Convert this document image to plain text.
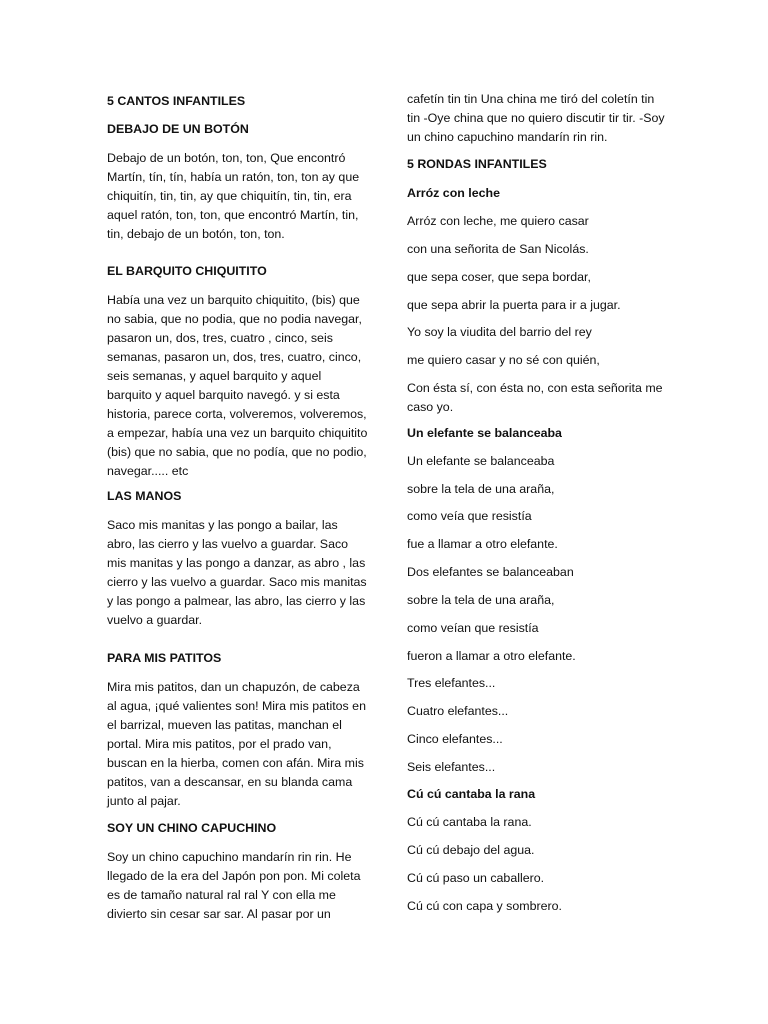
5 CANTOS INFANTILES

DEBAJO DE UN BOTÓN

Debajo de un botón, ton, ton, Que encontró Martín, tín, tín, había un ratón, ton, ton ay que chiquitín, tin, tin, ay que chiquitín, tin, tin, era aquel ratón, ton, ton, que encontró Martín, tin, tin, debajo de un botón, ton, ton.

EL BARQUITO CHIQUITITO

Había una vez un barquito chiquitito, (bis) que no sabia, que no podia, que no podia navegar, pasaron un, dos, tres, cuatro , cinco, seis semanas, pasaron un, dos, tres, cuatro, cinco, seis semanas, y aquel barquito y aquel barquito y aquel barquito navegó. y si esta historia, parece corta, volveremos, volveremos, a empezar, había una vez un barquito chiquitito (bis) que no sabia, que no podía, que no podio, navegar..... etc

LAS MANOS

Saco mis manitas y las pongo a bailar, las abro, las cierro y las vuelvo a guardar. Saco mis manitas y las pongo a danzar, as abro , las cierro y las vuelvo a guardar. Saco mis manitas y las pongo a palmear, las abro, las cierro y las vuelvo a guardar.

PARA MIS PATITOS

Mira mis patitos, dan un chapuzón, de cabeza al agua, ¡qué valientes son! Mira mis patitos en el barrizal, mueven las patitas, manchan el portal. Mira mis patitos, por el prado van, buscan en la hierba, comen con afán. Mira mis patitos, van a descansar, en su blanda cama junto al pajar.

SOY UN CHINO CAPUCHINO

Soy un chino capuchino mandarín rin rin. He llegado de la era del Japón pon pon. Mi coleta es de tamaño natural ral ral Y con ella me divierto sin cesar sar sar. Al pasar por un

cafetín tin tin Una china me tiró del coletín tin tin -Oye china que no quiero discutir tir tir. -Soy un chino capuchino mandarín rin rin.

5 RONDAS INFANTILES

Arróz con leche

Arróz con leche, me quiero casar

con una señorita de San Nicolás.

que sepa coser, que sepa bordar,

que sepa abrir la puerta para ir a jugar.

Yo soy la viudita del barrio del rey

me quiero casar y no sé con quién,

Con ésta sí, con ésta no, con esta señorita me caso yo.

Un elefante se balanceaba

Un elefante se balanceaba

sobre la tela de una araña,

como veía que resistía

fue a llamar a otro elefante.

Dos elefantes se balanceaban

sobre la tela de una araña,

como veían que resistía

fueron a llamar a otro elefante.

Tres elefantes...

Cuatro elefantes...

Cinco elefantes...

Seis elefantes...

Cú cú cantaba la rana

Cú cú cantaba la rana.

Cú cú debajo del agua.

Cú cú paso un caballero.

Cú cú con capa y sombrero.
